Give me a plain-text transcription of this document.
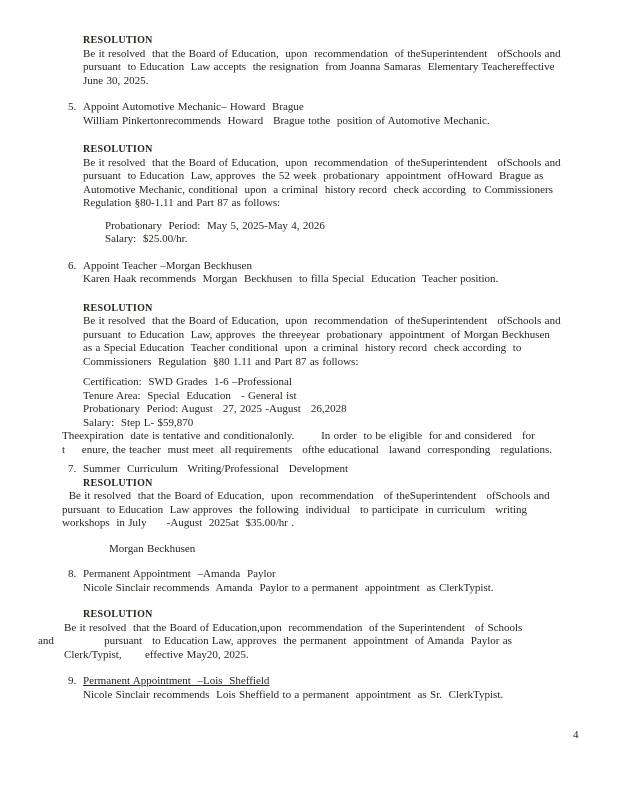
RESOLUTION
Be it resolved  that the Board of Education,  upon  recommendation  of theSuperintendent   ofSchools and
pursuant  to Education  Law accepts  the resignation  from Joanna Samaras  Elementary Teachereffective
June 30, 2025.
5. Appoint Automotive Mechanic– Howard  Brague
William Pinkertonrecommends  Howard   Brague tothe  position of Automotive Mechanic.
RESOLUTION
Be it resolved  that the Board of Education,  upon  recommendation  of theSuperintendent   ofSchools and
pursuant  to Education  Law, approves  the 52 week  probationary  appointment  ofHoward  Brague as
Automotive Mechanic, conditional  upon  a criminal  history record  check according  to Commissioners
Regulation §80-1.11 and Part 87 as follows:
Probationary  Period:  May 5, 2025-May 4, 2026
Salary:  $25.00/hr.
6. Appoint Teacher –Morgan Beckhusen
Karen Haak recommends  Morgan  Beckhusen  to filla Special  Education  Teacher position.
RESOLUTION
Be it resolved  that the Board of Education,  upon  recommendation  of theSuperintendent   ofSchools and
pursuant  to Education  Law, approves  the threeyear  probationary  appointment  of Morgan Beckhusen
as a Special Education  Teacher conditional  upon  a criminal  history record  check according  to
Commissioners  Regulation  §80 1.11 and Part 87 as follows:
Certification:  SWD Grades  1-6 –Professional
Tenure Area:  Special  Education   - General ist
Probationary  Period: August   27, 2025 -August   26,2028
Salary:  Step L- $59,870
Theexpiration  date is tentative and conditionalonly.        In order  to be eligible  for and considered   for
t     enure, the teacher  must meet  all requirements   ofthe educational   lawand  corresponding   regulations.
7. Summer  Curriculum   Writing/Professional   Development
RESOLUTION
Be it resolved  that the Board of Education,  upon  recommendation   of theSuperintendent   ofSchools and
pursuant  to Education  Law approves  the following  individual   to participate  in curriculum   writing
workshops  in July      -August  2025at  $35.00/hr .
Morgan Beckhusen
8. Permanent Appointment  –Amanda  Paylor
Nicole Sinclair recommends  Amanda  Paylor to a permanent  appointment  as ClerkTypist.
RESOLUTION
Be it resolved  that the Board of Education,upon  recommendation  of the Superintendent   of Schools
and               pursuant   to Education Law, approves  the permanent  appointment  of Amanda  Paylor as
Clerk/Typist,       effective May20, 2025.
9. Permanent Appointment  –Lois  Sheffield
Nicole Sinclair recommends  Lois Sheffield to a permanent  appointment  as Sr.  ClerkTypist.
4
